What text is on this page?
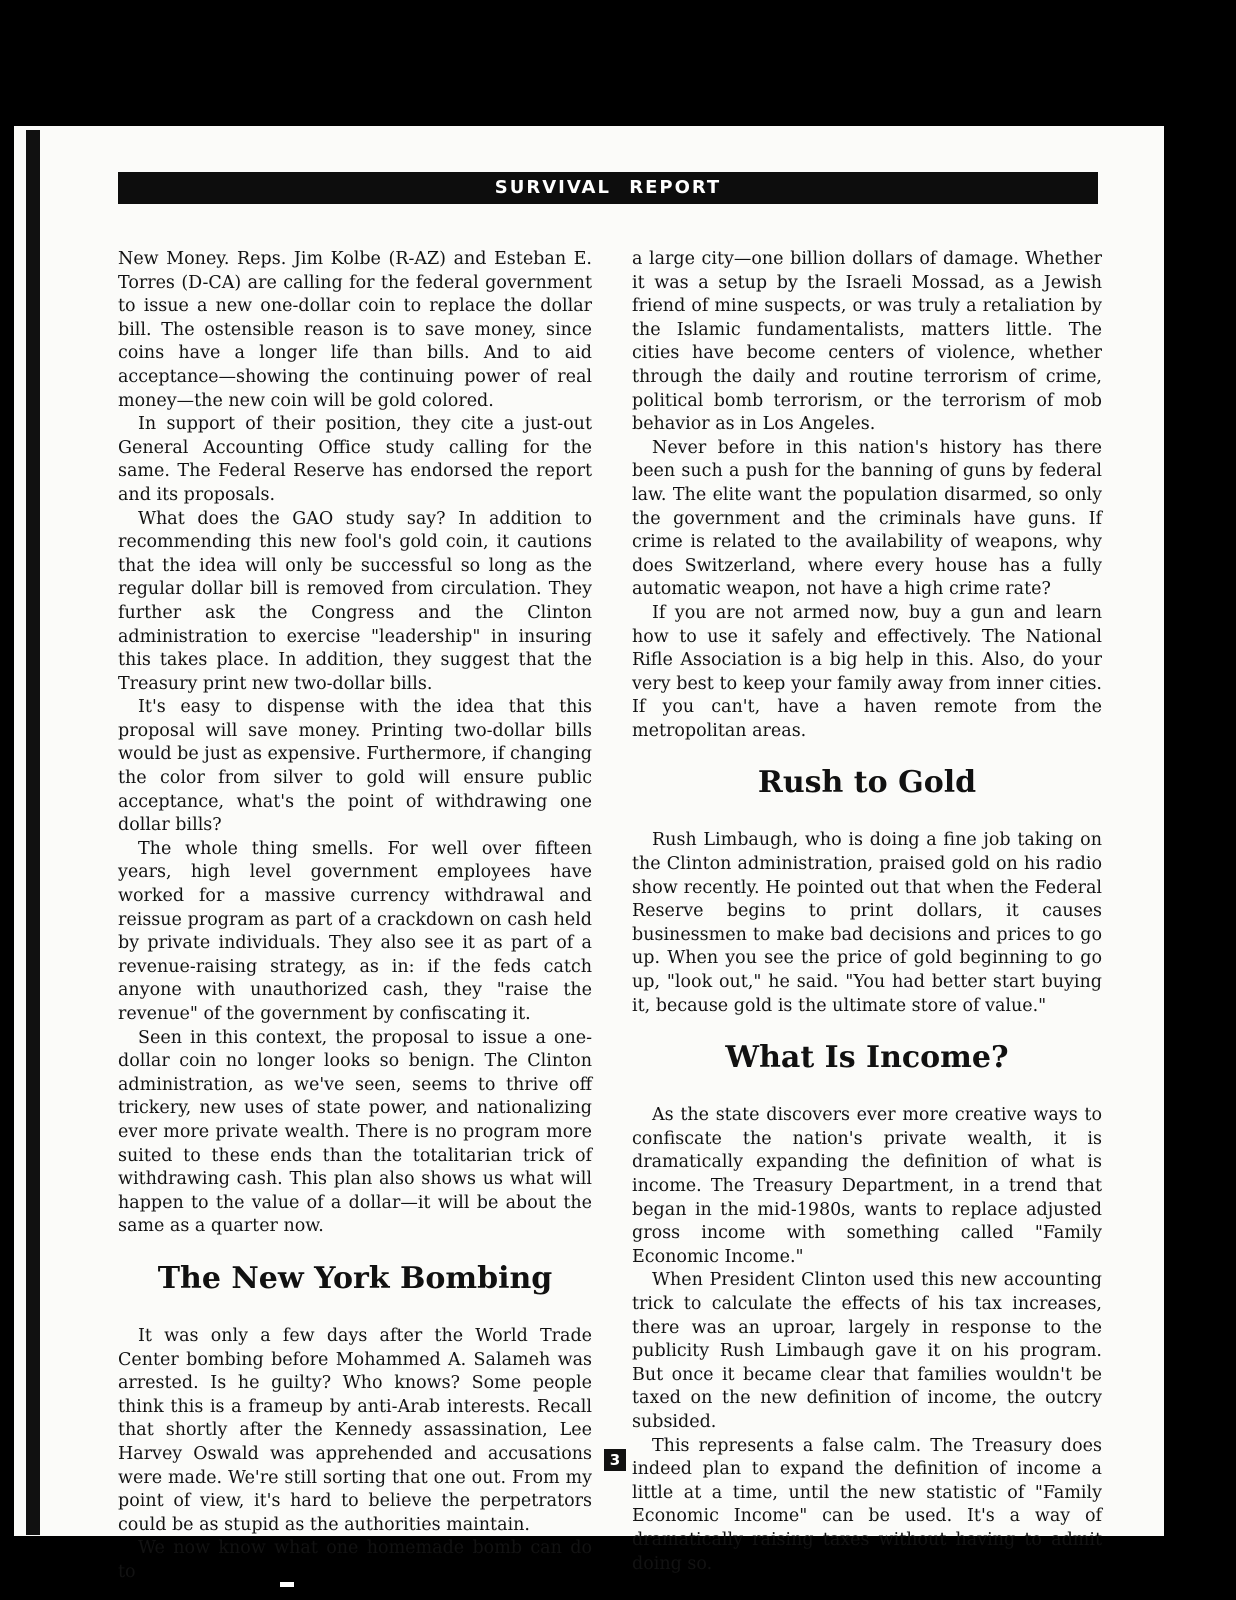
SURVIVAL REPORT

New Money. Reps. Jim Kolbe (R-AZ) and Esteban E. Torres (D-CA) are calling for the federal government to issue a new one-dollar coin to replace the dollar bill. The ostensible reason is to save money, since coins have a longer life than bills. And to aid acceptance—showing the continuing power of real money—the new coin will be gold colored.

In support of their position, they cite a just-out General Accounting Office study calling for the same. The Federal Reserve has endorsed the report and its proposals.

What does the GAO study say? In addition to recommending this new fool's gold coin, it cautions that the idea will only be successful so long as the regular dollar bill is removed from circulation. They further ask the Congress and the Clinton administration to exercise "leadership" in insuring this takes place. In addition, they suggest that the Treasury print new two-dollar bills.

It's easy to dispense with the idea that this proposal will save money. Printing two-dollar bills would be just as expensive. Furthermore, if changing the color from silver to gold will ensure public acceptance, what's the point of withdrawing one dollar bills?

The whole thing smells. For well over fifteen years, high level government employees have worked for a massive currency withdrawal and reissue program as part of a crackdown on cash held by private individuals. They also see it as part of a revenue-raising strategy, as in: if the feds catch anyone with unauthorized cash, they "raise the revenue" of the government by confiscating it.

Seen in this context, the proposal to issue a one-dollar coin no longer looks so benign. The Clinton administration, as we've seen, seems to thrive off trickery, new uses of state power, and nationalizing ever more private wealth. There is no program more suited to these ends than the totalitarian trick of withdrawing cash. This plan also shows us what will happen to the value of a dollar—it will be about the same as a quarter now.

The New York Bombing

It was only a few days after the World Trade Center bombing before Mohammed A. Salameh was arrested. Is he guilty? Who knows? Some people think this is a frameup by anti-Arab interests. Recall that shortly after the Kennedy assassination, Lee Harvey Oswald was apprehended and accusations were made. We're still sorting that one out. From my point of view, it's hard to believe the perpetrators could be as stupid as the authorities maintain.

We now know what one homemade bomb can do to

a large city—one billion dollars of damage. Whether it was a setup by the Israeli Mossad, as a Jewish friend of mine suspects, or was truly a retaliation by the Islamic fundamentalists, matters little. The cities have become centers of violence, whether through the daily and routine terrorism of crime, political bomb terrorism, or the terrorism of mob behavior as in Los Angeles.

Never before in this nation's history has there been such a push for the banning of guns by federal law. The elite want the population disarmed, so only the government and the criminals have guns. If crime is related to the availability of weapons, why does Switzerland, where every house has a fully automatic weapon, not have a high crime rate?

If you are not armed now, buy a gun and learn how to use it safely and effectively. The National Rifle Association is a big help in this. Also, do your very best to keep your family away from inner cities. If you can't, have a haven remote from the metropolitan areas.

Rush to Gold

Rush Limbaugh, who is doing a fine job taking on the Clinton administration, praised gold on his radio show recently. He pointed out that when the Federal Reserve begins to print dollars, it causes businessmen to make bad decisions and prices to go up. When you see the price of gold beginning to go up, "look out," he said. "You had better start buying it, because gold is the ultimate store of value."

What Is Income?

As the state discovers ever more creative ways to confiscate the nation's private wealth, it is dramatically expanding the definition of what is income. The Treasury Department, in a trend that began in the mid-1980s, wants to replace adjusted gross income with something called "Family Economic Income."

When President Clinton used this new accounting trick to calculate the effects of his tax increases, there was an uproar, largely in response to the publicity Rush Limbaugh gave it on his program. But once it became clear that families wouldn't be taxed on the new definition of income, the outcry subsided.

This represents a false calm. The Treasury does indeed plan to expand the definition of income a little at a time, until the new statistic of "Family Economic Income" can be used. It's a way of dramatically raising taxes without having to admit doing so.

3
